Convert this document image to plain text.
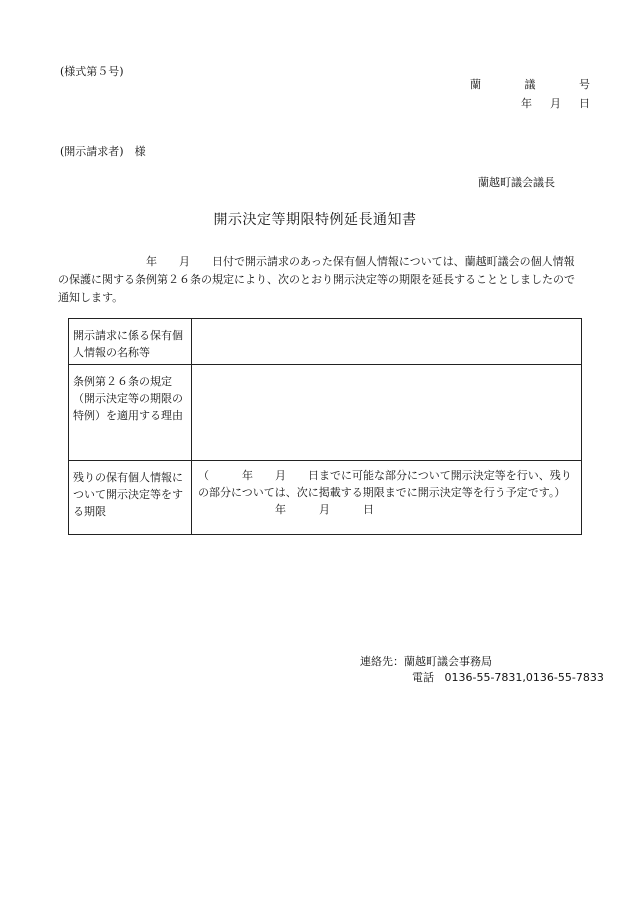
(様式第５号)
蘭	議	号
年 月 日
(開示請求者)　様
蘭越町議会議長
開示決定等期限特例延長通知書
　　　　　　　　年　　月　　日付で開示請求のあった保有個人情報については、蘭越町議会の個人情報
の保護に関する条例第２６条の規定により、次のとおり開示決定等の期限を延長することとしましたので
通知します。
開示請求に係る保有個人情報の名称等	
条例第２６条の規定（開示決定等の期限の特例）を適用する理由	
残りの保有個人情報について開示決定等をする期限	（　　　年　　月　　日までに可能な部分について開示決定等を行い、残り
の部分については、次に掲載する期限までに開示決定等を行う予定です。）
　　　　　　　年　　　月　　　日
連絡先：蘭越町議会事務局
電話 0136-55-7831,0136-55-7833
